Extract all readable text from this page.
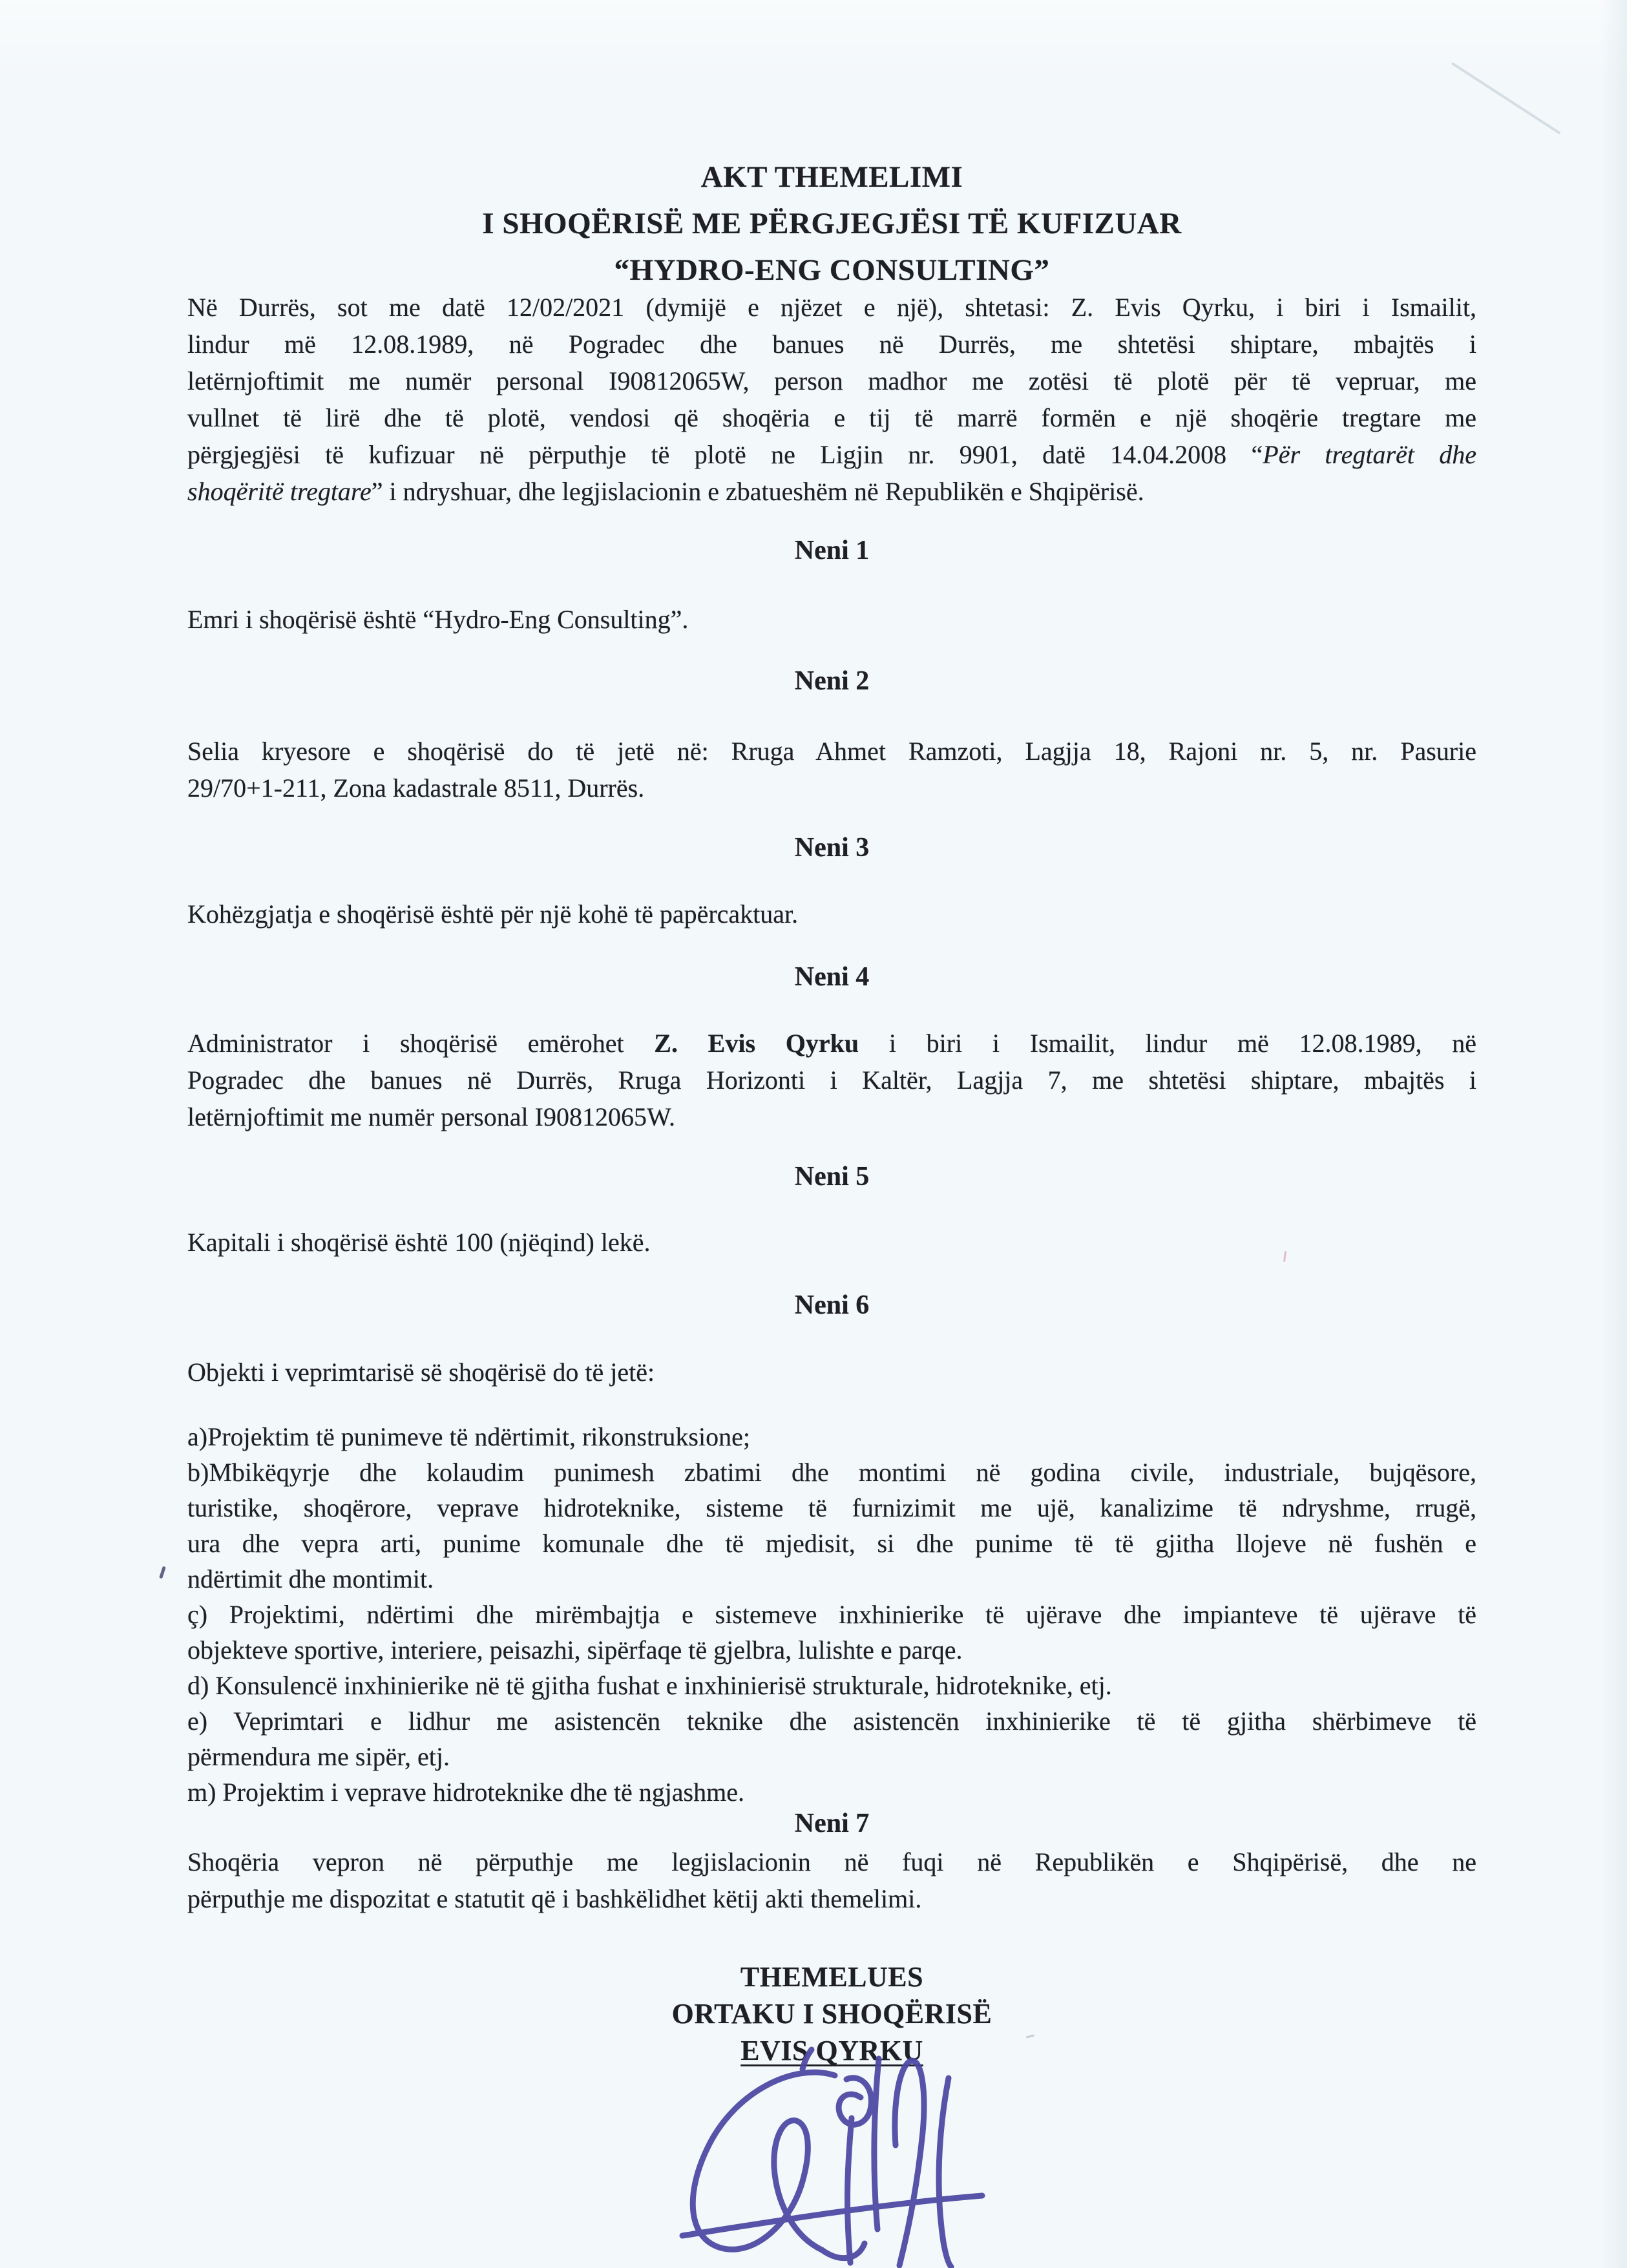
AKT THEMELIMI
I SHOQËRISË ME PËRGJEGJËSI TË KUFIZUAR
“HYDRO-ENG CONSULTING”
Në Durrës, sot me datë 12/02/2021 (dymijë e njëzet e një), shtetasi: Z. Evis Qyrku, i biri i Ismailit,
lindur më 12.08.1989, në Pogradec dhe banues në Durrës, me shtetësi shiptare, mbajtës i
letërnjoftimit me numër personal I90812065W, person madhor me zotësi të plotë për të vepruar, me
vullnet të lirë dhe të plotë, vendosi që shoqëria e tij të marrë formën e një shoqërie tregtare me
përgjegjësi të kufizuar në përputhje të plotë ne Ligjin nr. 9901, datë 14.04.2008 “Për tregtarët dhe
shoqëritë tregtare” i ndryshuar, dhe legjislacionin e zbatueshëm në Republikën e Shqipërisë.
Neni 1
Emri i shoqërisë është “Hydro-Eng Consulting”.
Neni 2
Selia kryesore e shoqërisë do të jetë në: Rruga Ahmet Ramzoti, Lagjja 18, Rajoni nr. 5, nr. Pasurie
29/70+1-211, Zona kadastrale 8511, Durrës.
Neni 3
Kohëzgjatja e shoqërisë është për një kohë të papërcaktuar.
Neni 4
Administrator i shoqërisë emërohet Z. Evis Qyrku i biri i Ismailit, lindur më 12.08.1989, në
Pogradec dhe banues në Durrës, Rruga Horizonti i Kaltër, Lagjja 7, me shtetësi shiptare, mbajtës i
letërnjoftimit me numër personal I90812065W.
Neni 5
Kapitali i shoqërisë është 100 (njëqind) lekë.
Neni 6
Objekti i veprimtarisë së shoqërisë do të jetë:
a)Projektim të punimeve të ndërtimit, rikonstruksione;
b)Mbikëqyrje dhe kolaudim punimesh zbatimi dhe montimi në godina civile, industriale, bujqësore,
turistike, shoqërore, veprave hidroteknike, sisteme të furnizimit me ujë, kanalizime të ndryshme, rrugë,
ura dhe vepra arti, punime komunale dhe të mjedisit, si dhe punime të të gjitha llojeve në fushën e
ndërtimit dhe montimit.
ç) Projektimi, ndërtimi dhe mirëmbajtja e sistemeve inxhinierike të ujërave dhe impianteve të ujërave të
objekteve sportive, interiere, peisazhi, sipërfaqe të gjelbra, lulishte e parqe.
d) Konsulencë inxhinierike në të gjitha fushat e inxhinierisë strukturale, hidroteknike, etj.
e) Veprimtari e lidhur me asistencën teknike dhe asistencën inxhinierike të të gjitha shërbimeve të
përmendura me sipër, etj.
m) Projektim i veprave hidroteknike dhe të ngjashme.
Neni 7
Shoqëria vepron në përputhje me legjislacionin në fuqi në Republikën e Shqipërisë, dhe ne
përputhje me dispozitat e statutit që i bashkëlidhet këtij akti themelimi.
THEMELUES
ORTAKU I SHOQËRISË
EVIS QYRKU
